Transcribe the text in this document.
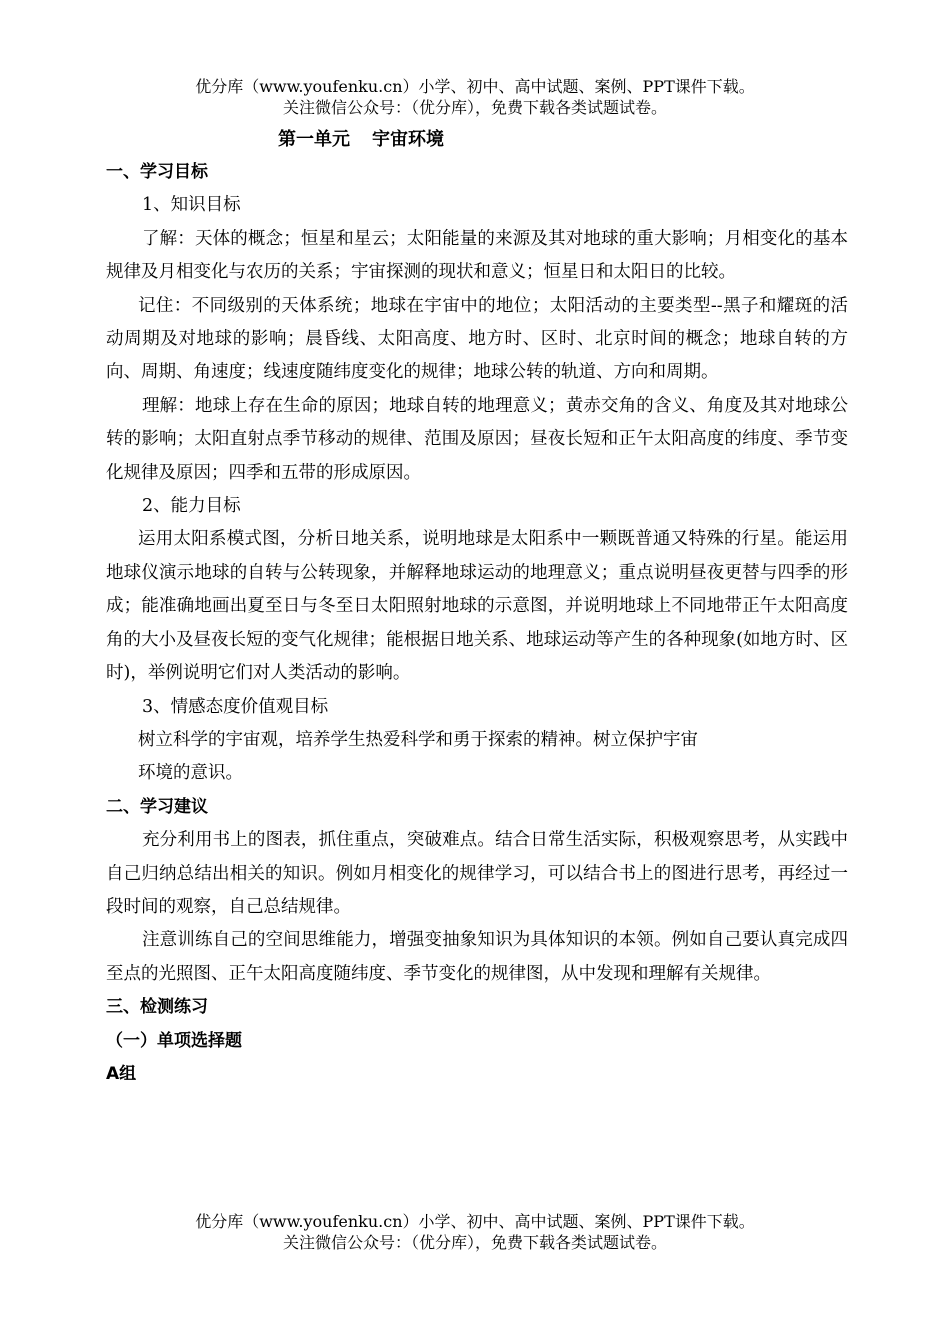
优分库（www.youfenku.cn）小学、初中、高中试题、案例、PPT课件下载。
关注微信公众号：（优分库），免费下载各类试题试卷。
第一单元 宇宙环境

一、学习目标

1、知识目标

了解：天体的概念；恒星和星云；太阳能量的来源及其对地球的重大影响；月相变化的基本规律及月相变化与农历的关系；宇宙探测的现状和意义；恒星日和太阳日的比较。

记住：不同级别的天体系统；地球在宇宙中的地位；太阳活动的主要类型--黑子和耀斑的活动周期及对地球的影响；晨昏线、太阳高度、地方时、区时、北京时间的概念；地球自转的方向、周期、角速度；线速度随纬度变化的规律；地球公转的轨道、方向和周期。

理解：地球上存在生命的原因；地球自转的地理意义；黄赤交角的含义、角度及其对地球公转的影响；太阳直射点季节移动的规律、范围及原因；昼夜长短和正午太阳高度的纬度、季节变化规律及原因；四季和五带的形成原因。

2、能力目标

运用太阳系模式图，分析日地关系，说明地球是太阳系中一颗既普通又特殊的行星。能运用地球仪演示地球的自转与公转现象，并解释地球运动的地理意义；重点说明昼夜更替与四季的形成；能准确地画出夏至日与冬至日太阳照射地球的示意图，并说明地球上不同地带正午太阳高度角的大小及昼夜长短的变气化规律；能根据日地关系、地球运动等产生的各种现象(如地方时、区时)，举例说明它们对人类活动的影响。

3、情感态度价值观目标

树立科学的宇宙观，培养学生热爱科学和勇于探索的精神。树立保护宇宙

环境的意识。

二、学习建议

充分利用书上的图表，抓住重点，突破难点。结合日常生活实际，积极观察思考，从实践中自己归纳总结出相关的知识。例如月相变化的规律学习，可以结合书上的图进行思考，再经过一段时间的观察，自己总结规律。

注意训练自己的空间思维能力，增强变抽象知识为具体知识的本领。例如自己要认真完成四至点的光照图、正午太阳高度随纬度、季节变化的规律图，从中发现和理解有关规律。

三、检测练习

（一）单项选择题

A组

优分库（www.youfenku.cn）小学、初中、高中试题、案例、PPT课件下载。
关注微信公众号：（优分库），免费下载各类试题试卷。
